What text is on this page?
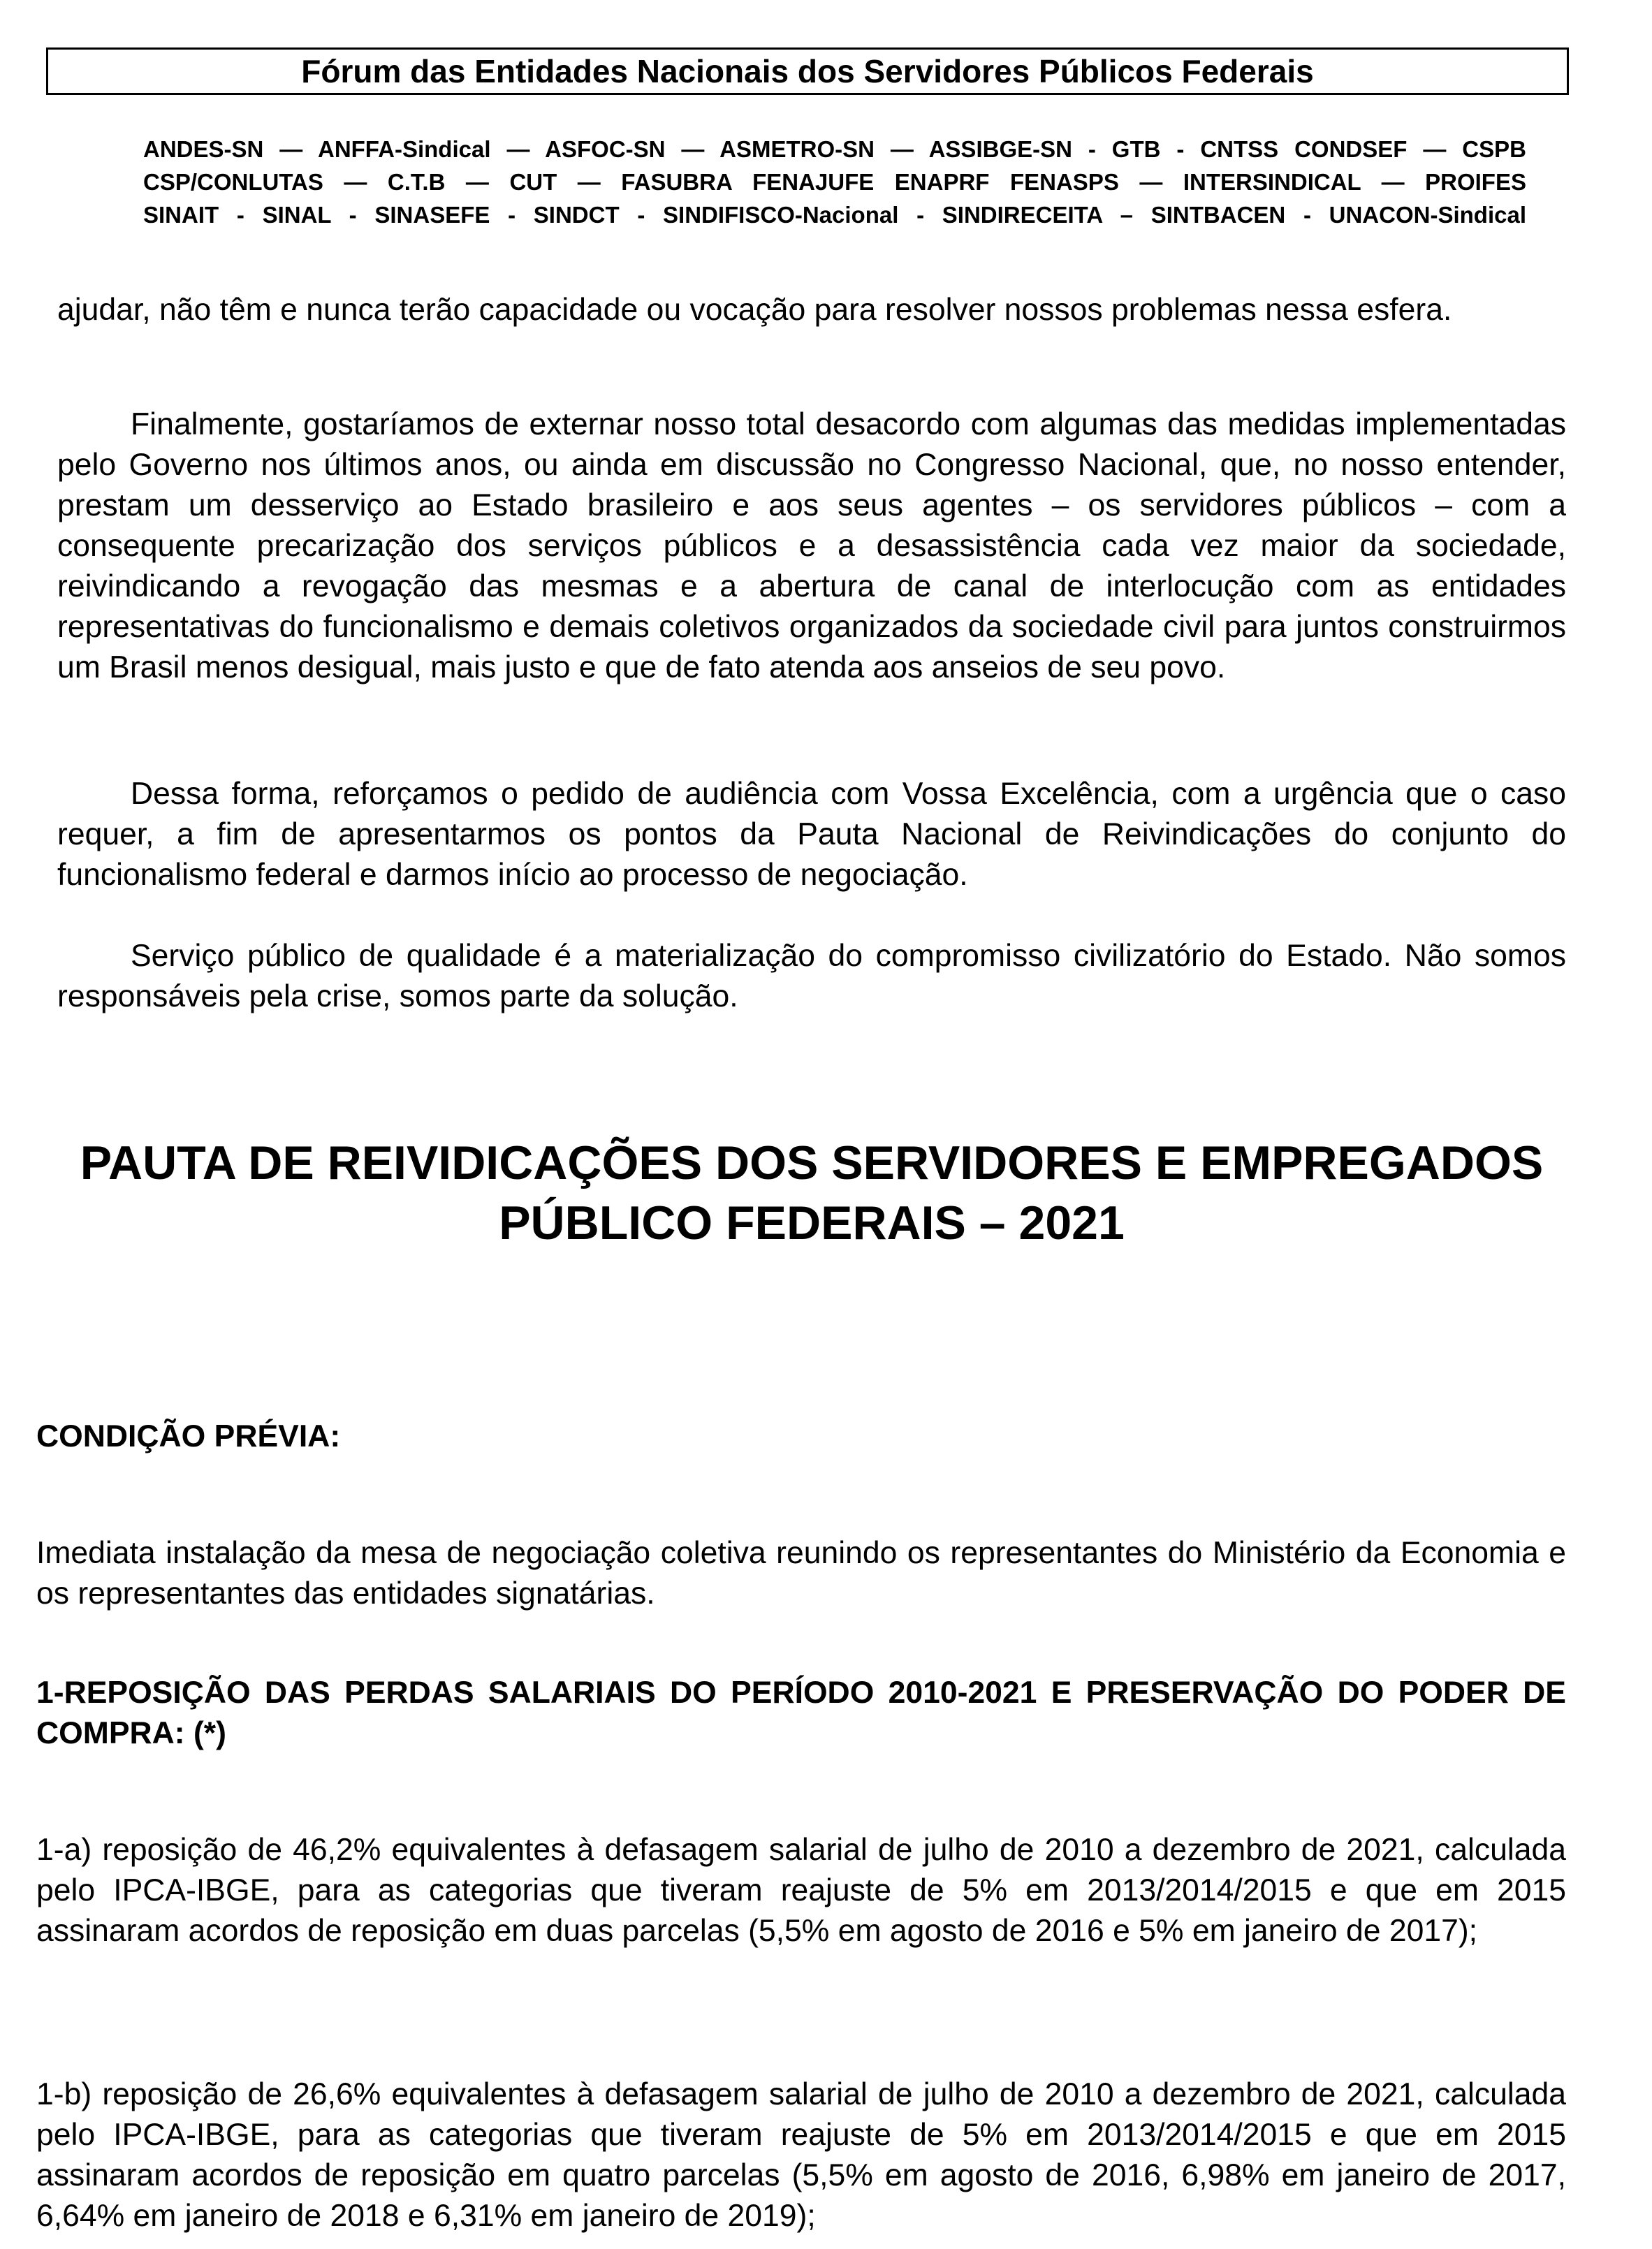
Fórum das Entidades Nacionais dos Servidores Públicos Federais
ANDES-SN — ANFFA-Sindical — ASFOC-SN — ASMETRO-SN — ASSIBGE-SN - GTB - CNTSS CONDSEF — CSPB
CSP/CONLUTAS — C.T.B — CUT — FASUBRA FENAJUFE ENAPRF FENASPS — INTERSINDICAL — PROIFES
SINAIT - SINAL - SINASEFE - SINDCT - SINDIFISCO-Nacional - SINDIRECEITA – SINTBACEN - UNACON-Sindical

ajudar, não têm e nunca terão capacidade ou vocação para resolver nossos problemas nessa esfera.

Finalmente, gostaríamos de externar nosso total desacordo com algumas das medidas implementadas pelo Governo nos últimos anos, ou ainda em discussão no Congresso Nacional, que, no nosso entender, prestam um desserviço ao Estado brasileiro e aos seus agentes – os servidores públicos – com a consequente precarização dos serviços públicos e a desassistência cada vez maior da sociedade, reivindicando a revogação das mesmas e a abertura de canal de interlocução com as entidades representativas do funcionalismo e demais coletivos organizados da sociedade civil para juntos construirmos um Brasil menos desigual, mais justo e que de fato atenda aos anseios de seu povo.

Dessa forma, reforçamos o pedido de audiência com Vossa Excelência, com a urgência que o caso requer, a fim de apresentarmos os pontos da Pauta Nacional de Reivindicações do conjunto do funcionalismo federal e darmos início ao processo de negociação.

Serviço público de qualidade é a materialização do compromisso civilizatório do Estado. Não somos responsáveis pela crise, somos parte da solução.

PAUTA DE REIVIDICAÇÕES DOS SERVIDORES E EMPREGADOS
PÚBLICO FEDERAIS – 2021

CONDIÇÃO PRÉVIA:

Imediata instalação da mesa de negociação coletiva reunindo os representantes do Ministério da Economia e os representantes das entidades signatárias.

1-REPOSIÇÃO DAS PERDAS SALARIAIS DO PERÍODO 2010-2021 E PRESERVAÇÃO DO PODER DE COMPRA: (*)

1-a) reposição de 46,2% equivalentes à defasagem salarial de julho de 2010 a dezembro de 2021, calculada pelo IPCA-IBGE, para as categorias que tiveram reajuste de 5% em 2013/2014/2015 e que em 2015 assinaram acordos de reposição em duas parcelas (5,5% em agosto de 2016 e 5% em janeiro de 2017);

1-b) reposição de 26,6% equivalentes à defasagem salarial de julho de 2010 a dezembro de 2021, calculada pelo IPCA-IBGE, para as categorias que tiveram reajuste de 5% em 2013/2014/2015 e que em 2015 assinaram acordos de reposição em quatro parcelas (5,5% em agosto de 2016, 6,98% em janeiro de 2017, 6,64% em janeiro de 2018 e 6,31% em janeiro de 2019);
